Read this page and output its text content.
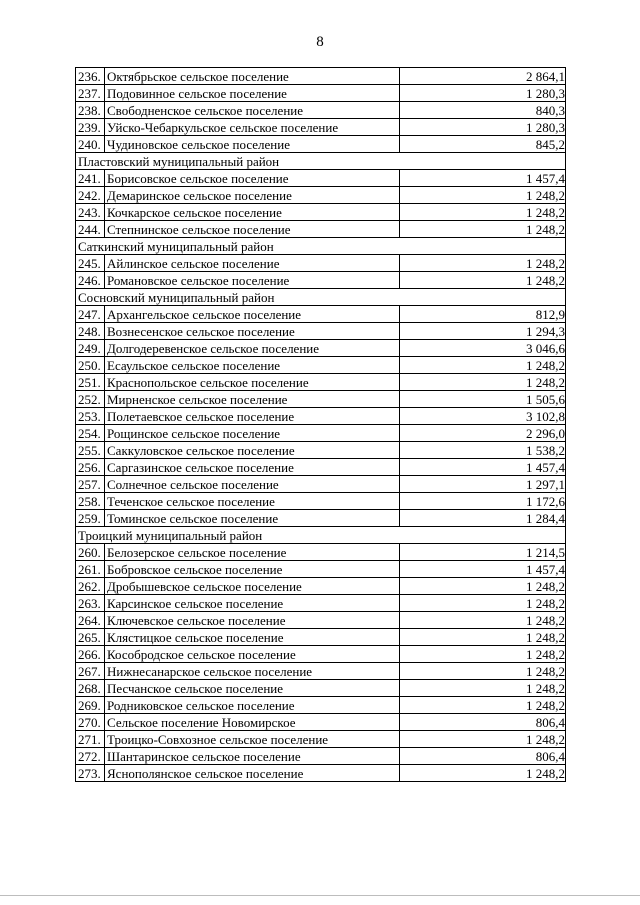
8
236.	Октябрьское сельское поселение	2 864,1
237.	Подовинное сельское поселение	1 280,3
238.	Свободненское сельское поселение	840,3
239.	Уйско-Чебаркульское сельское поселение	1 280,3
240.	Чудиновское сельское поселение	845,2
Пластовский муниципальный район		
241.	Борисовское сельское поселение	1 457,4
242.	Демаринское сельское поселение	1 248,2
243.	Кочкарское сельское поселение	1 248,2
244.	Степнинское сельское поселение	1 248,2
Саткинский муниципальный район		
245.	Айлинское сельское поселение	1 248,2
246.	Романовское сельское поселение	1 248,2
Сосновский муниципальный район		
247.	Архангельское сельское поселение	812,9
248.	Вознесенское сельское поселение	1 294,3
249.	Долгодеревенское сельское поселение	3 046,6
250.	Есаульское сельское поселение	1 248,2
251.	Краснопольское сельское поселение	1 248,2
252.	Мирненское сельское поселение	1 505,6
253.	Полетаевское сельское поселение	3 102,8
254.	Рощинское сельское поселение	2 296,0
255.	Саккуловское сельское поселение	1 538,2
256.	Саргазинское сельское поселение	1 457,4
257.	Солнечное сельское поселение	1 297,1
258.	Теченское сельское поселение	1 172,6
259.	Томинское сельское поселение	1 284,4
Троицкий муниципальный район		
260.	Белозерское сельское поселение	1 214,5
261.	Бобровское сельское поселение	1 457,4
262.	Дробышевское сельское поселение	1 248,2
263.	Карсинское сельское поселение	1 248,2
264.	Ключевское сельское поселение	1 248,2
265.	Клястицкое сельское поселение	1 248,2
266.	Кособродское сельское поселение	1 248,2
267.	Нижнесанарское сельское поселение	1 248,2
268.	Песчанское сельское поселение	1 248,2
269.	Родниковское сельское поселение	1 248,2
270.	Сельское поселение Новомирское	806,4
271.	Троицко-Совхозное сельское поселение	1 248,2
272.	Шантаринское сельское поселение	806,4
273.	Яснополянское сельское поселение	1 248,2
